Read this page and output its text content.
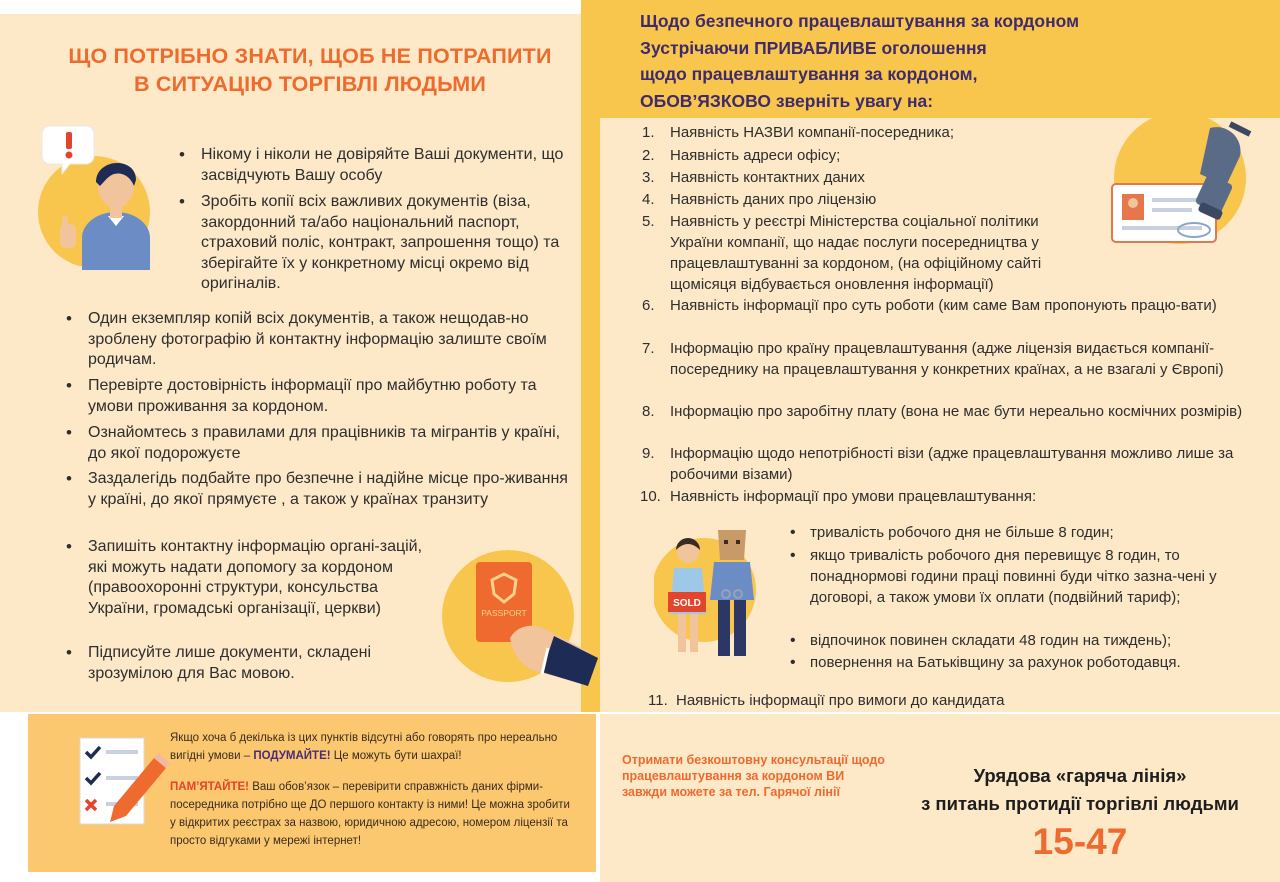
ЩО ПОТРІБНО ЗНАТИ, ЩОБ НЕ ПОТРАПИТИ
В СИТУАЦІЮ ТОРГІВЛІ ЛЮДЬМИ
• Нікому і ніколи не довіряйте Ваші документи, що засвідчують Вашу особу
• Зробіть копії всіх важливих документів (віза, закордонний та/або національний паспорт, страховий поліс, контракт, запрошення тощо) та зберігайте їх у конкретному місці окремо від оригіналів.
• Один екземпляр копій всіх документів, а також нещодав-но зроблену фотографію й контактну інформацію залиште своїм родичам.
• Перевірте достовірність інформації про майбутню роботу та умови проживання за кордоном.
• Ознайомтесь з правилами для працівників та мігрантів у країні, до якої подорожуєте
• Заздалегідь подбайте про безпечне і надійне місце про-живання у країні, до якої прямуєте , а також у країнах транзиту
• Запишіть контактну інформацію органі-зацій, які можуть надати допомогу за кордоном (правоохоронні структури, консульства України, громадські організації, церкви)
• Підписуйте лише документи, складені зрозумілою для Вас мовою.
PASSPORT
Щодо безпечного працевлаштування за кордоном
Зустрічаючи ПРИВАБЛИВЕ оголошення
щодо працевлаштування за кордоном,
ОБОВ’ЯЗКОВО зверніть увагу на:
1.	Наявність НАЗВИ компанії-посередника;
2.	Наявність адреси офісу;
3.	Наявність контактних даних
4.	Наявність даних про ліцензію
5.	Наявність у реєстрі Міністерства соціальної політики України компанії, що надає послуги посередництва у працевлаштуванні за кордоном, (на офіційному сайті щомісяця відбувається оновлення інформації)
6.	Наявність інформації про суть роботи (ким саме Вам пропонують працю-вати)
7.	Інформацію про країну працевлаштування (адже ліцензія видається компанії-посереднику на працевлаштування у конкретних країнах, а не взагалі у Європі)
8.	Інформацію про заробітну плату (вона не має бути нереально космічних розмірів)
9.	Інформацію щодо непотрібності візи (адже працевлаштування можливо лише за робочими візами)
10. Наявність інформації про умови працевлаштування:
SOLD
• тривалість робочого дня не більше 8 годин;
• якщо тривалість робочого дня перевищує 8 годин, то понаднормові години праці повинні буди чітко зазна-чені у договорі, а також умови їх оплати (подвійний тариф);
• відпочинок повинен складати 48 годин на тиждень);
• повернення на Батьківщину за рахунок роботодавця.
11. Наявність інформації про вимоги до кандидата
Якщо хоча б декілька із цих пунктів відсутні або говорять про нереально вигідні умови – ПОДУМАЙТЕ! Це можуть бути шахраї!
ПАМ’ЯТАЙТЕ! Ваш обов’язок – перевірити справжність даних фірми-посередника потрібно ще ДО першого контакту із ними! Це можна зробити у відкритих реєстрах за назвою, юридичною адресою, номером ліцензії та просто відгуками у мережі інтернет!
Отримати безкоштовну консультації щодо працевлаштування за кордоном ВИ завжди можете за тел. Гарячої лінії
Урядова «гаряча лінія»
з питань протидії торгівлі людьми
15-47
